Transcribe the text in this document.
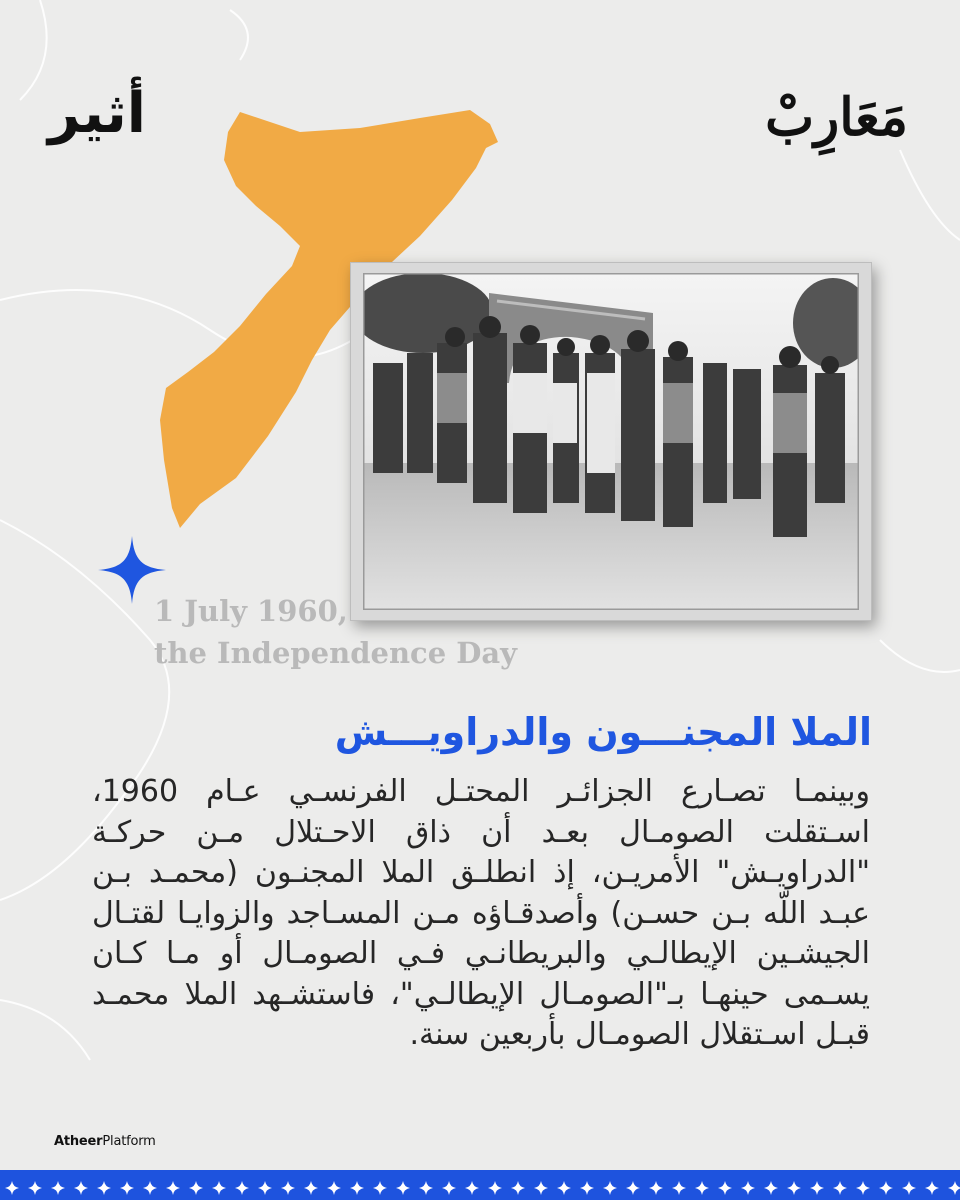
أثير	مَعَارِبْ
1 July 1960,
the Independence Day
الملا المجنـــون والدراويـــش
وبينمـا تصـارع الجزائـر المحتـل الفرنسـي عـام 1960، اسـتقلت الصومـال بعـد أن ذاق الاحـتلال مـن حركـة "الدراويـش" الأمريـن، إذ انطلـق الملا المجنـون (محمـد بـن عبـد اللّه بـن حسـن) وأصدقـاؤه مـن المسـاجد والزوايـا لقتـال الجيشـين الإيطالـي والبريطانـي فـي الصومـال أو مـا كـان يسـمى حينهـا بـ"الصومـال الإيطالـي"، فاستشـهد الملا محمـد قبـل اسـتقلال الصومـال بأربعين سنة.
AtheerPlatform
